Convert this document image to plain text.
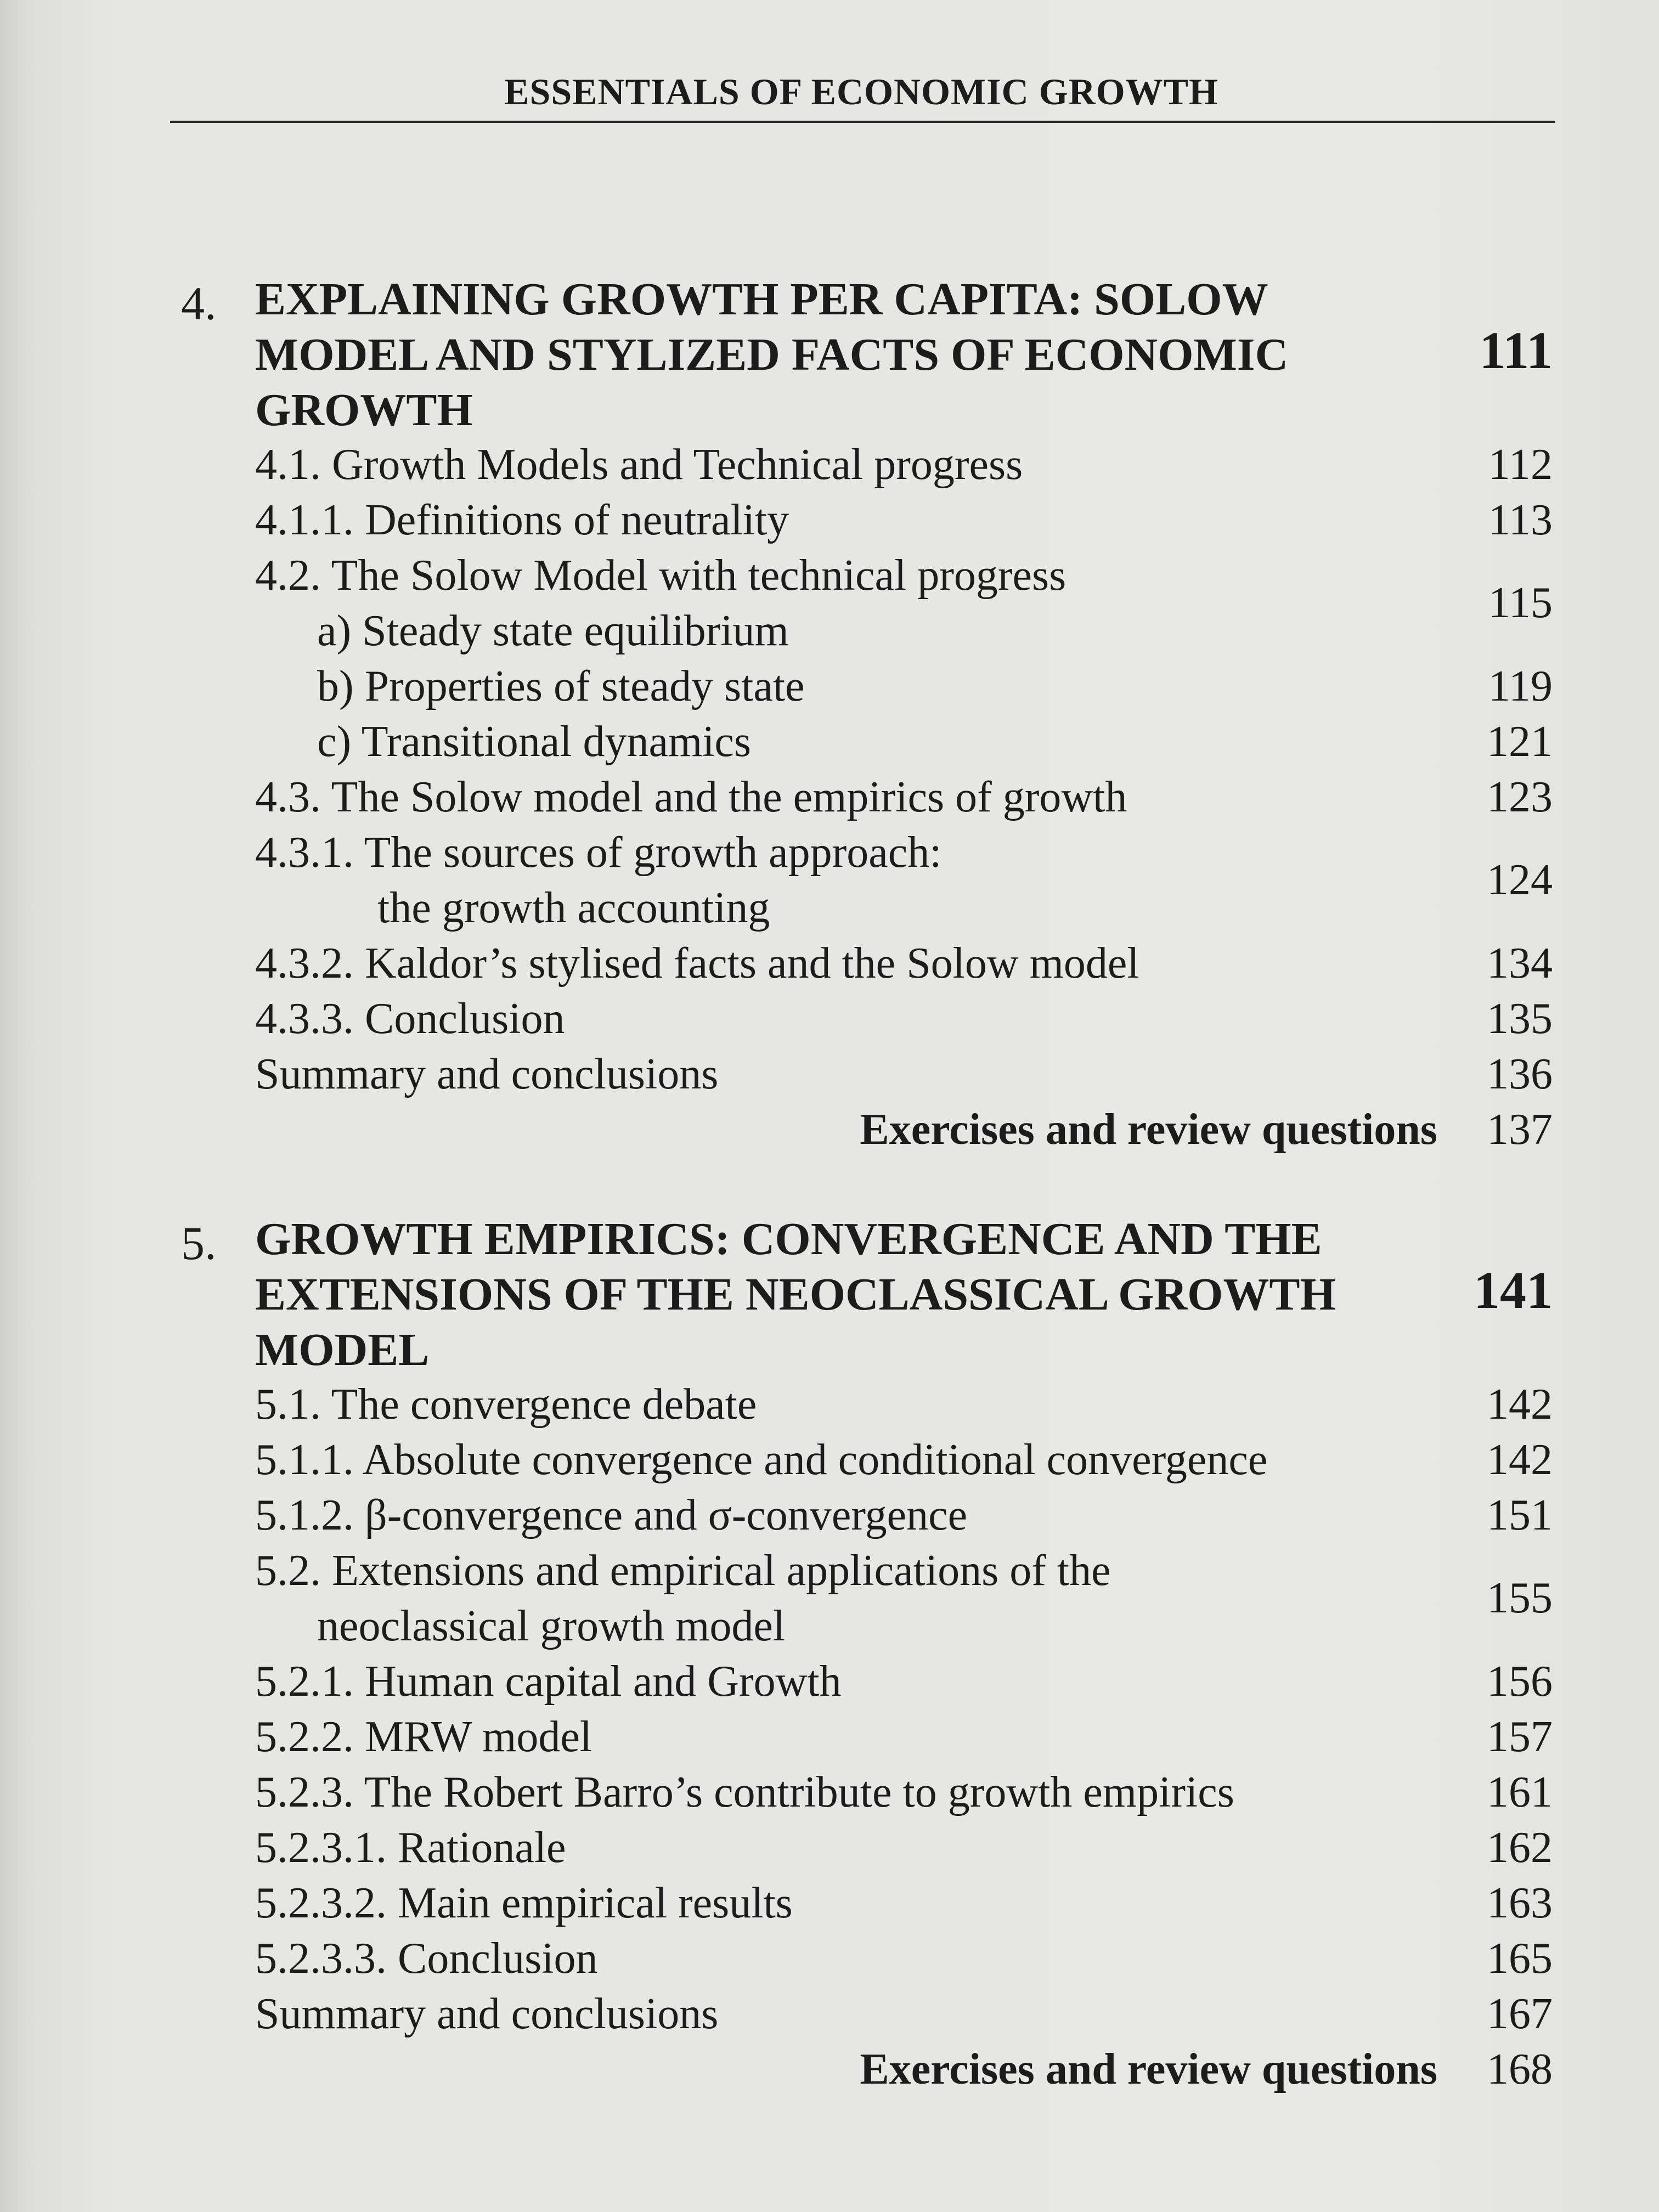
ESSENTIALS OF ECONOMIC GROWTH
4. EXPLAINING GROWTH PER CAPITA: SOLOW
MODEL AND STYLIZED FACTS OF ECONOMIC
GROWTH
111
4.1. Growth Models and Technical progress	112
4.1.1. Definitions of neutrality	113
4.2. The Solow Model with technical progress
a) Steady state equilibrium
115
b) Properties of steady state	119
c) Transitional dynamics	121
4.3. The Solow model and the empirics of growth	123
4.3.1. The sources of growth approach:
the growth accounting
124
4.3.2. Kaldor’s stylised facts and the Solow model	134
4.3.3. Conclusion	135
Summary and conclusions	136
Exercises and review questions 137
5. GROWTH EMPIRICS: CONVERGENCE AND THE
EXTENSIONS OF THE NEOCLASSICAL GROWTH
MODEL
141
5.1. The convergence debate	142
5.1.1. Absolute convergence and conditional convergence	142
5.1.2. β-convergence and σ-convergence	151
5.2. Extensions and empirical applications of the
neoclassical growth model
155
5.2.1. Human capital and Growth	156
5.2.2. MRW model	157
5.2.3. The Robert Barro’s contribute to growth empirics	161
5.2.3.1. Rationale	162
5.2.3.2. Main empirical results	163
5.2.3.3. Conclusion	165
Summary and conclusions	167
Exercises and review questions 168
